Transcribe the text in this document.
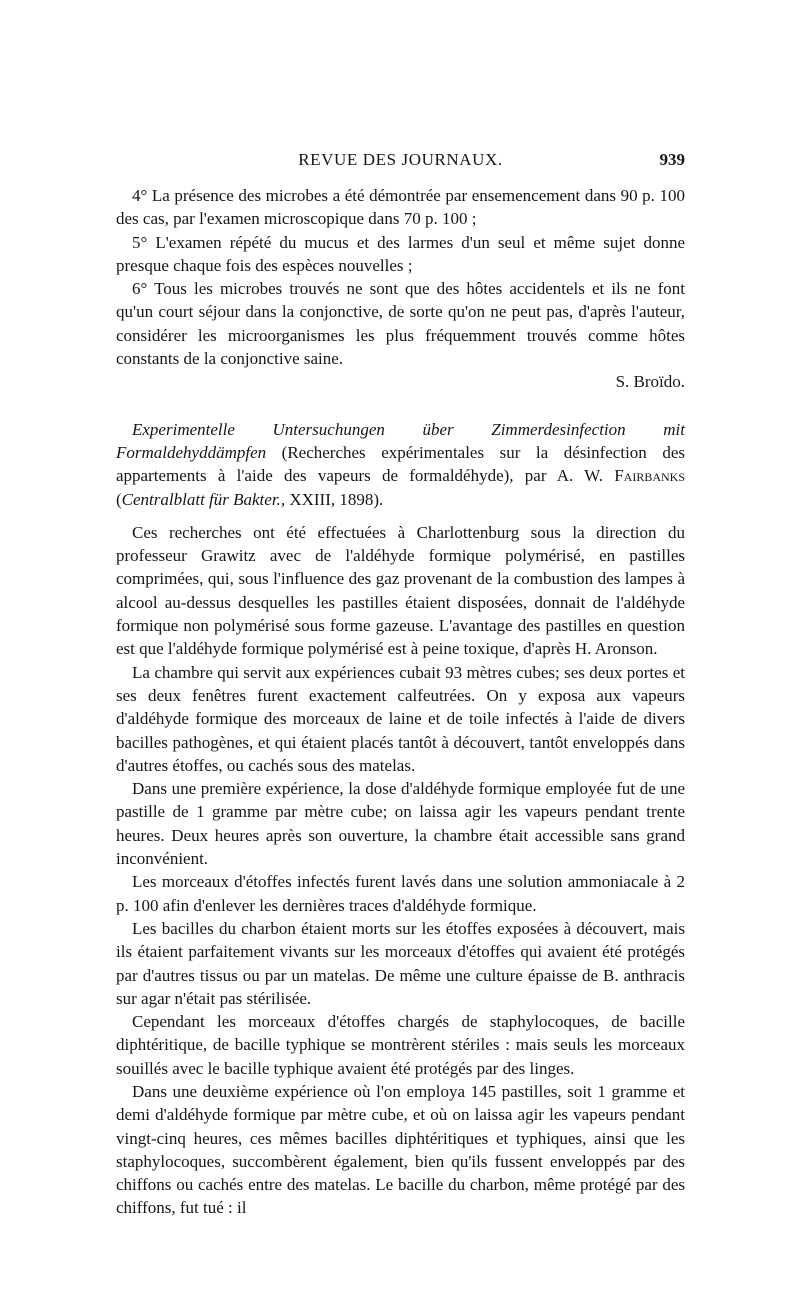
REVUE DES JOURNAUX.	939

4° La présence des microbes a été démontrée par ensemencement dans 90 p. 100 des cas, par l'examen microscopique dans 70 p. 100 ;

5° L'examen répété du mucus et des larmes d'un seul et même sujet donne presque chaque fois des espèces nouvelles ;

6° Tous les microbes trouvés ne sont que des hôtes accidentels et ils ne font qu'un court séjour dans la conjonctive, de sorte qu'on ne peut pas, d'après l'auteur, considérer les microorganismes les plus fréquemment trouvés comme hôtes constants de la conjonctive saine.

S. Broïdo.

Experimentelle Untersuchungen über Zimmerdesinfection mit Formaldehyddämpfen (Recherches expérimentales sur la désinfection des appartements à l'aide des vapeurs de formaldéhyde), par A. W. Fairbanks (Centralblatt für Bakter., XXIII, 1898).

Ces recherches ont été effectuées à Charlottenburg sous la direction du professeur Grawitz avec de l'aldéhyde formique polymérisé, en pastilles comprimées, qui, sous l'influence des gaz provenant de la combustion des lampes à alcool au-dessus desquelles les pastilles étaient disposées, donnait de l'aldéhyde formique non polymérisé sous forme gazeuse. L'avantage des pastilles en question est que l'aldéhyde formique polymérisé est à peine toxique, d'après H. Aronson.

La chambre qui servit aux expériences cubait 93 mètres cubes; ses deux portes et ses deux fenêtres furent exactement calfeutrées. On y exposa aux vapeurs d'aldéhyde formique des morceaux de laine et de toile infectés à l'aide de divers bacilles pathogènes, et qui étaient placés tantôt à découvert, tantôt enveloppés dans d'autres étoffes, ou cachés sous des matelas.

Dans une première expérience, la dose d'aldéhyde formique employée fut de une pastille de 1 gramme par mètre cube; on laissa agir les vapeurs pendant trente heures. Deux heures après son ouverture, la chambre était accessible sans grand inconvénient.

Les morceaux d'étoffes infectés furent lavés dans une solution ammoniacale à 2 p. 100 afin d'enlever les dernières traces d'aldéhyde formique.

Les bacilles du charbon étaient morts sur les étoffes exposées à découvert, mais ils étaient parfaitement vivants sur les morceaux d'étoffes qui avaient été protégés par d'autres tissus ou par un matelas. De même une culture épaisse de B. anthracis sur agar n'était pas stérilisée.

Cependant les morceaux d'étoffes chargés de staphylocoques, de bacille diphtéritique, de bacille typhique se montrèrent stériles : mais seuls les morceaux souillés avec le bacille typhique avaient été protégés par des linges.

Dans une deuxième expérience où l'on employa 145 pastilles, soit 1 gramme et demi d'aldéhyde formique par mètre cube, et où on laissa agir les vapeurs pendant vingt-cinq heures, ces mêmes bacilles diphtéritiques et typhiques, ainsi que les staphylocoques, succombèrent également, bien qu'ils fussent enveloppés par des chiffons ou cachés entre des matelas. Le bacille du charbon, même protégé par des chiffons, fut tué : il
